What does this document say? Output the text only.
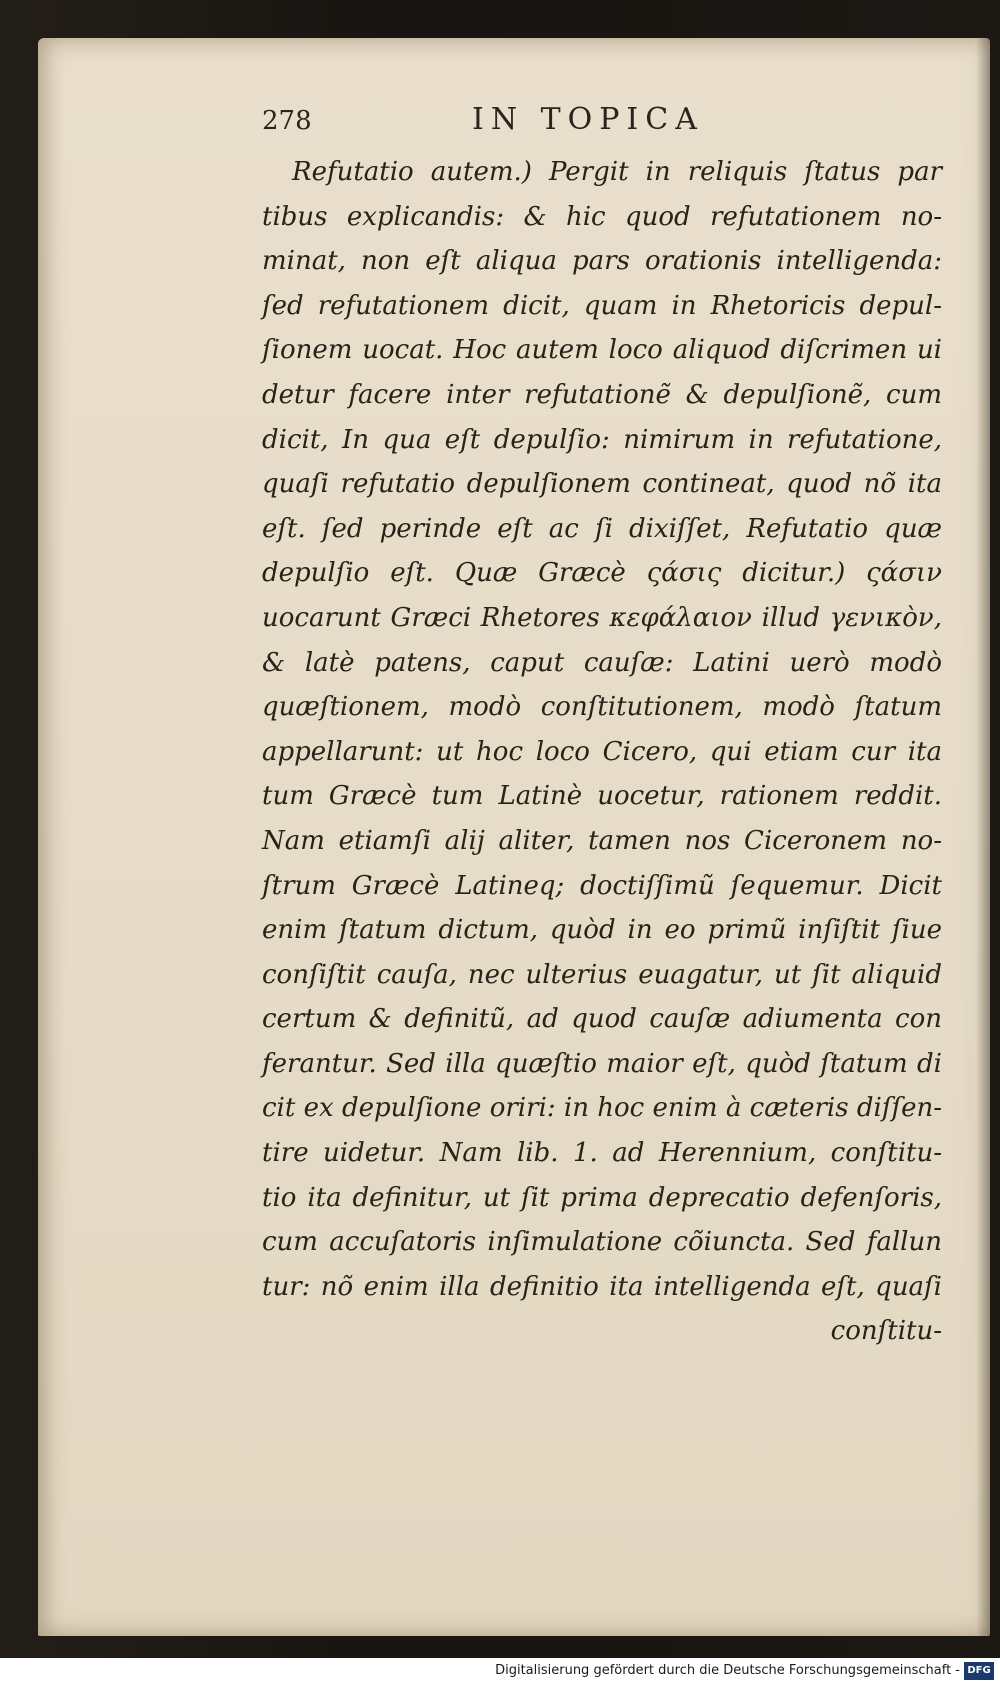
278	IN TOPICA
Refutatio autem.) Pergit in reliquis ſtatus par
tibus explicandis: & hic quod refutationem no-
minat, non eſt aliqua pars orationis intelligenda:
ſed refutationem dicit, quam in Rhetoricis depul-
ſionem uocat. Hoc autem loco aliquod diſcrimen ui
detur facere inter refutationẽ & depulſionẽ, cum
dicit, In qua eſt depulſio: nimirum in refutatione,
quaſi refutatio depulſionem contineat, quod nõ ita
eſt. ſed perinde eſt ac ſi dixiſſet, Refutatio quæ
depulſio eſt. Quæ Græcè ςάσις dicitur.) ςάσιν
uocarunt Græci Rhetores κεφάλαιον illud γενικὸν,
& latè patens, caput cauſæ: Latini uerò modò
quæſtionem, modò conſtitutionem, modò ſtatum
appellarunt: ut hoc loco Cicero, qui etiam cur ita
tum Græcè tum Latinè uocetur, rationem reddit.
Nam etiamſi alij aliter, tamen nos Ciceronem no-
ſtrum Græcè Latineq; doctiſſimũ ſequemur. Dicit
enim ſtatum dictum, quòd in eo primũ inſiſtit ſiue
conſiſtit cauſa, nec ulterius euagatur, ut ſit aliquid
certum & definitũ, ad quod cauſæ adiumenta con
ferantur. Sed illa quæſtio maior eſt, quòd ſtatum di
cit ex depulſione oriri: in hoc enim à cæteris diſſen-
tire uidetur. Nam lib. 1. ad Herennium, conſtitu-
tio ita definitur, ut ſit prima deprecatio defenſoris,
cum accuſatoris inſimulatione cõiuncta. Sed fallun
tur: nõ enim illa definitio ita intelligenda eſt, quaſi
conſtitu-
Digitalisierung gefördert durch die Deutsche Forschungsgemeinschaft - DFG
